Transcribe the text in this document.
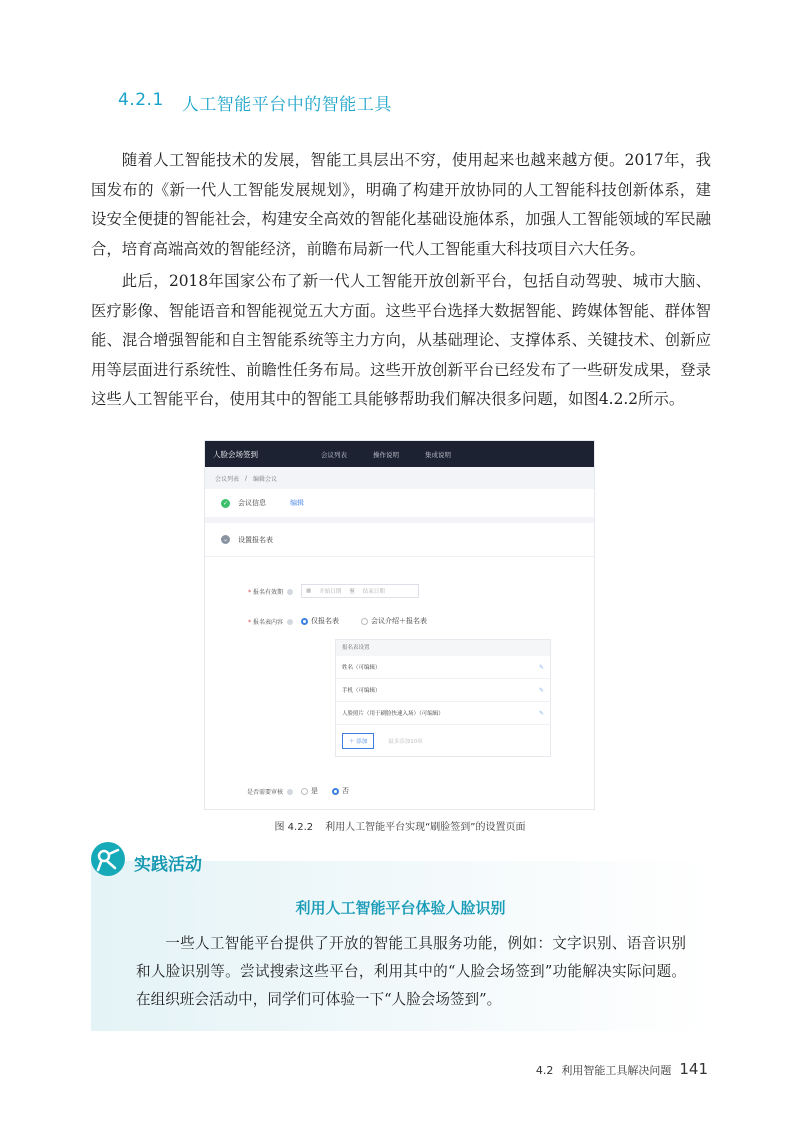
4.2.1 人工智能平台中的智能工具

随着人工智能技术的发展，智能工具层出不穷，使用起来也越来越方便。2017年，我国发布的《新一代人工智能发展规划》，明确了构建开放协同的人工智能科技创新体系，建设安全便捷的智能社会，构建安全高效的智能化基础设施体系，加强人工智能领域的军民融合，培育高端高效的智能经济，前瞻布局新一代人工智能重大科技项目六大任务。

此后，2018年国家公布了新一代人工智能开放创新平台，包括自动驾驶、城市大脑、医疗影像、智能语音和智能视觉五大方面。这些平台选择大数据智能、跨媒体智能、群体智能、混合增强智能和自主智能系统等主力方向，从基础理论、支撑体系、关键技术、创新应用等层面进行系统性、前瞻性任务布局。这些开放创新平台已经发布了一些研发成果，登录这些人工智能平台，使用其中的智能工具能够帮助我们解决很多问题，如图4.2.2所示。

人脸会场签到	会议列表	操作说明	集成说明
会议列表 / 编辑会议
✓ 会议信息	编辑
⌄ 设置报名表
* 报名有效期	▦ 开始日期 至 结束日期
* 报名表内容	仅报名表	会议介绍＋报名表
报名表设置
姓名（可编辑）	✎
手机（可编辑）	✎
人脸照片（用于刷脸快速入场）（可编辑）	✎
＋ 添加	最多添加10项
是否需要审核	是	否
图 4.2.2 利用人工智能平台实现“刷脸签到”的设置页面
实践活动
利用人工智能平台体验人脸识别
一些人工智能平台提供了开放的智能工具服务功能，例如：文字识别、语音识别和人脸识别等。尝试搜索这些平台，利用其中的“人脸会场签到”功能解决实际问题。在组织班会活动中，同学们可体验一下“人脸会场签到”。
4.2 利用智能工具解决问题 141
